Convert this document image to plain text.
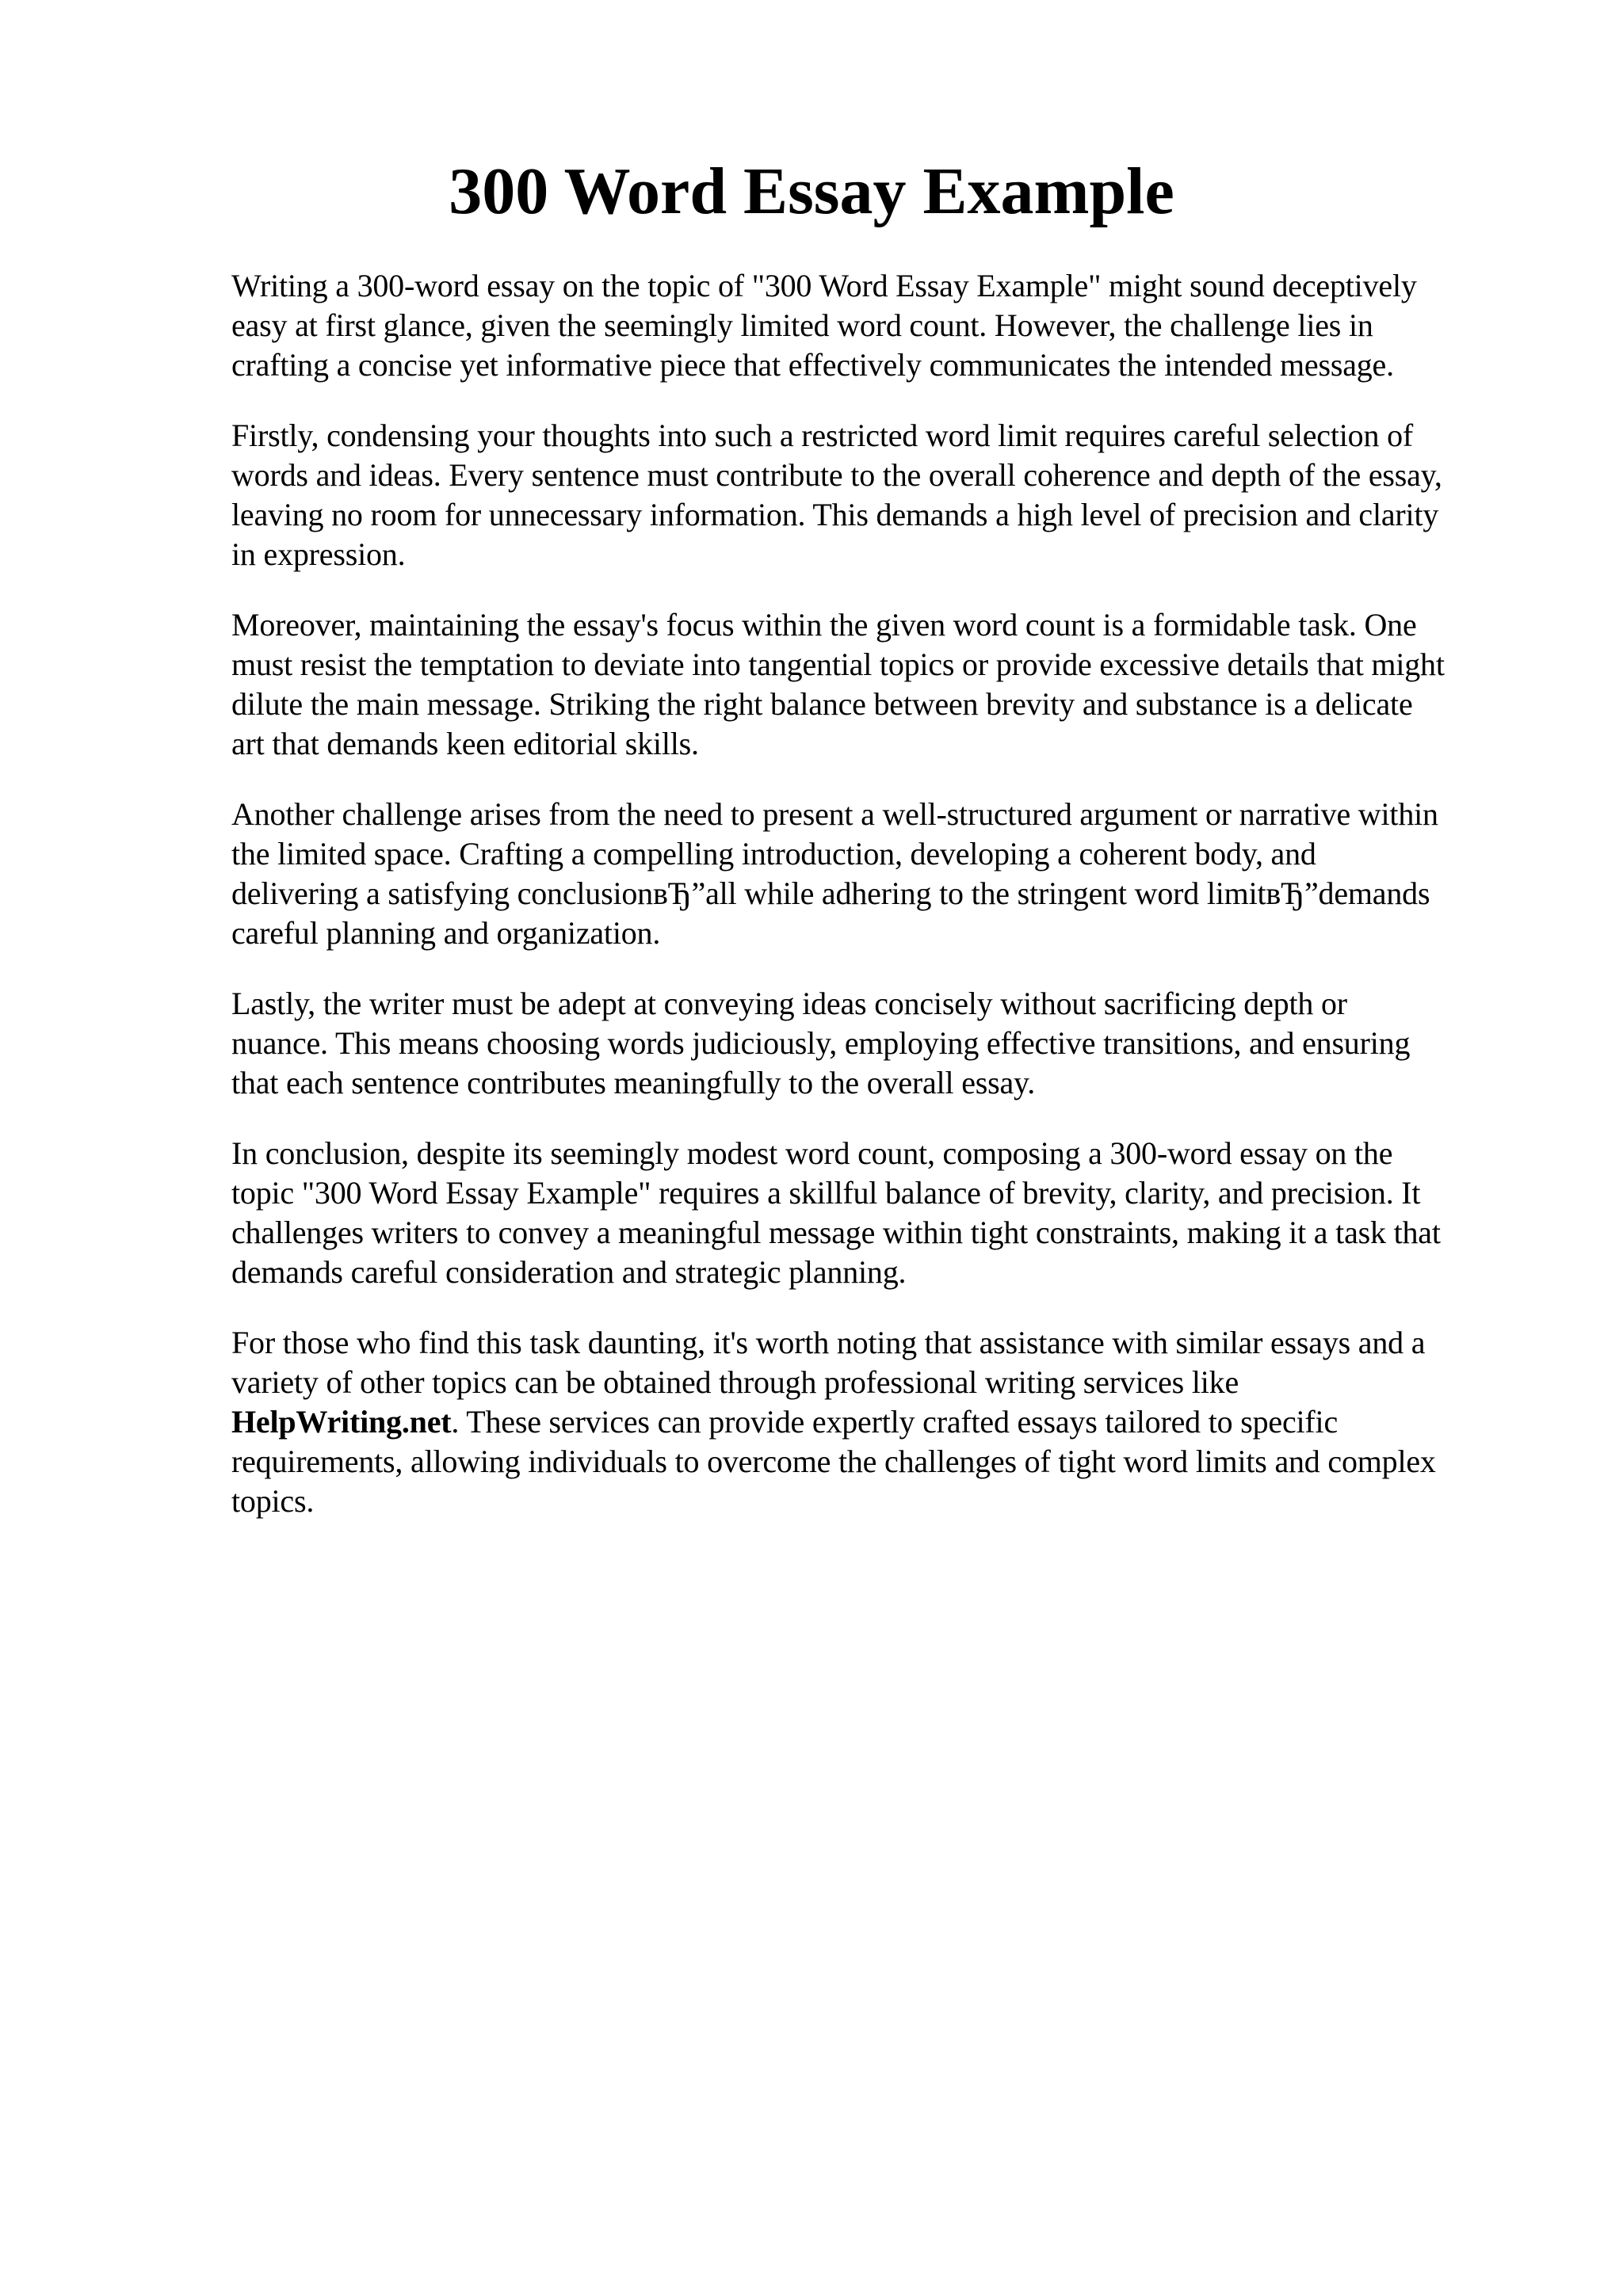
300 Word Essay Example

Writing a 300-word essay on the topic of "300 Word Essay Example" might sound deceptively
easy at first glance, given the seemingly limited word count. However, the challenge lies in
crafting a concise yet informative piece that effectively communicates the intended message.

Firstly, condensing your thoughts into such a restricted word limit requires careful selection of
words and ideas. Every sentence must contribute to the overall coherence and depth of the essay,
leaving no room for unnecessary information. This demands a high level of precision and clarity
in expression.

Moreover, maintaining the essay's focus within the given word count is a formidable task. One
must resist the temptation to deviate into tangential topics or provide excessive details that might
dilute the main message. Striking the right balance between brevity and substance is a delicate
art that demands keen editorial skills.

Another challenge arises from the need to present a well-structured argument or narrative within
the limited space. Crafting a compelling introduction, developing a coherent body, and
delivering a satisfying conclusionвЂ”all while adhering to the stringent word limitвЂ”demands
careful planning and organization.

Lastly, the writer must be adept at conveying ideas concisely without sacrificing depth or
nuance. This means choosing words judiciously, employing effective transitions, and ensuring
that each sentence contributes meaningfully to the overall essay.

In conclusion, despite its seemingly modest word count, composing a 300-word essay on the
topic "300 Word Essay Example" requires a skillful balance of brevity, clarity, and precision. It
challenges writers to convey a meaningful message within tight constraints, making it a task that
demands careful consideration and strategic planning.

For those who find this task daunting, it's worth noting that assistance with similar essays and a
variety of other topics can be obtained through professional writing services like
HelpWriting.net. These services can provide expertly crafted essays tailored to specific
requirements, allowing individuals to overcome the challenges of tight word limits and complex
topics.
